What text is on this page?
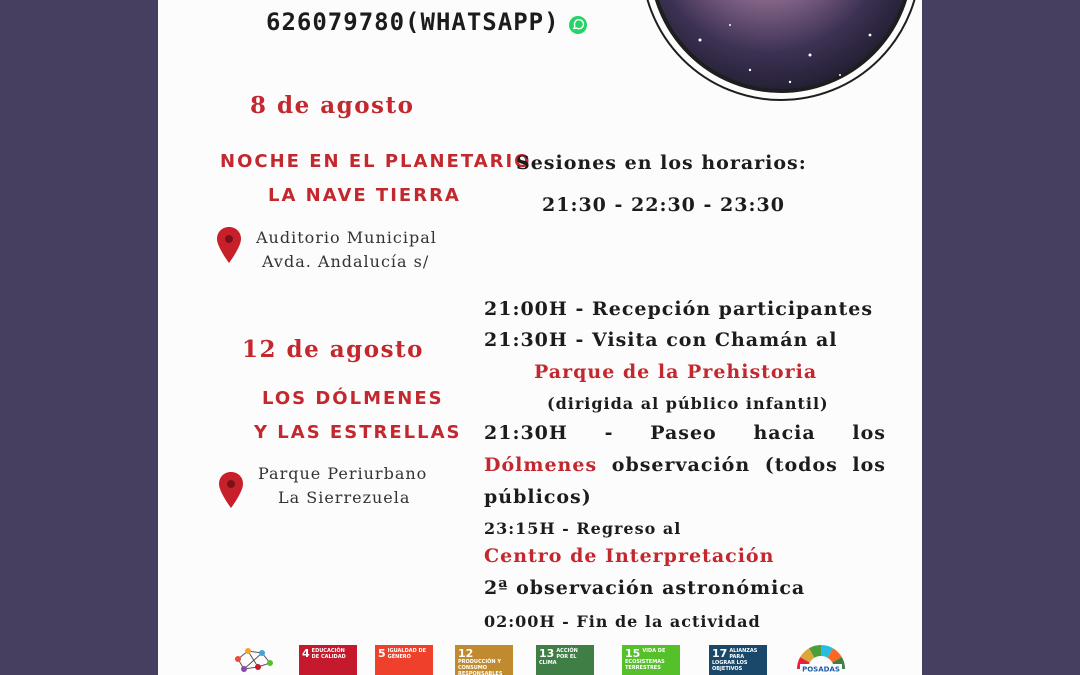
626079780(WHATSAPP)
8 de agosto
NOCHE EN EL PLANETARIO
LA NAVE TIERRA
Auditorio Municipal
Avda. Andalucía s/
Sesiones en los horarios:
21:30 - 22:30 - 23:30
12 de agosto
LOS DÓLMENES
Y LAS ESTRELLAS
Parque Periurbano
La Sierrezuela
21:00H - Recepción participantes
21:30H - Visita con Chamán al
Parque de la Prehistoria
(dirigida al público infantil)
21:30H - Paseo hacia los Dólmenes observación (todos los públicos)
23:15H - Regreso al
Centro de Interpretación
2ª observación astronómica
02:00H - Fin de la actividad
4 EDUCACIÓN DE CALIDAD	5 IGUALDAD DE GÉNERO	12
PRODUCCIÓN Y CONSUMO RESPONSABLES
13 ACCIÓN POR EL CLIMA
15 VIDA DE ECOSISTEMAS TERRESTRES
17 ALIANZAS PARA LOGRAR LOS OBJETIVOS	POSADAS
